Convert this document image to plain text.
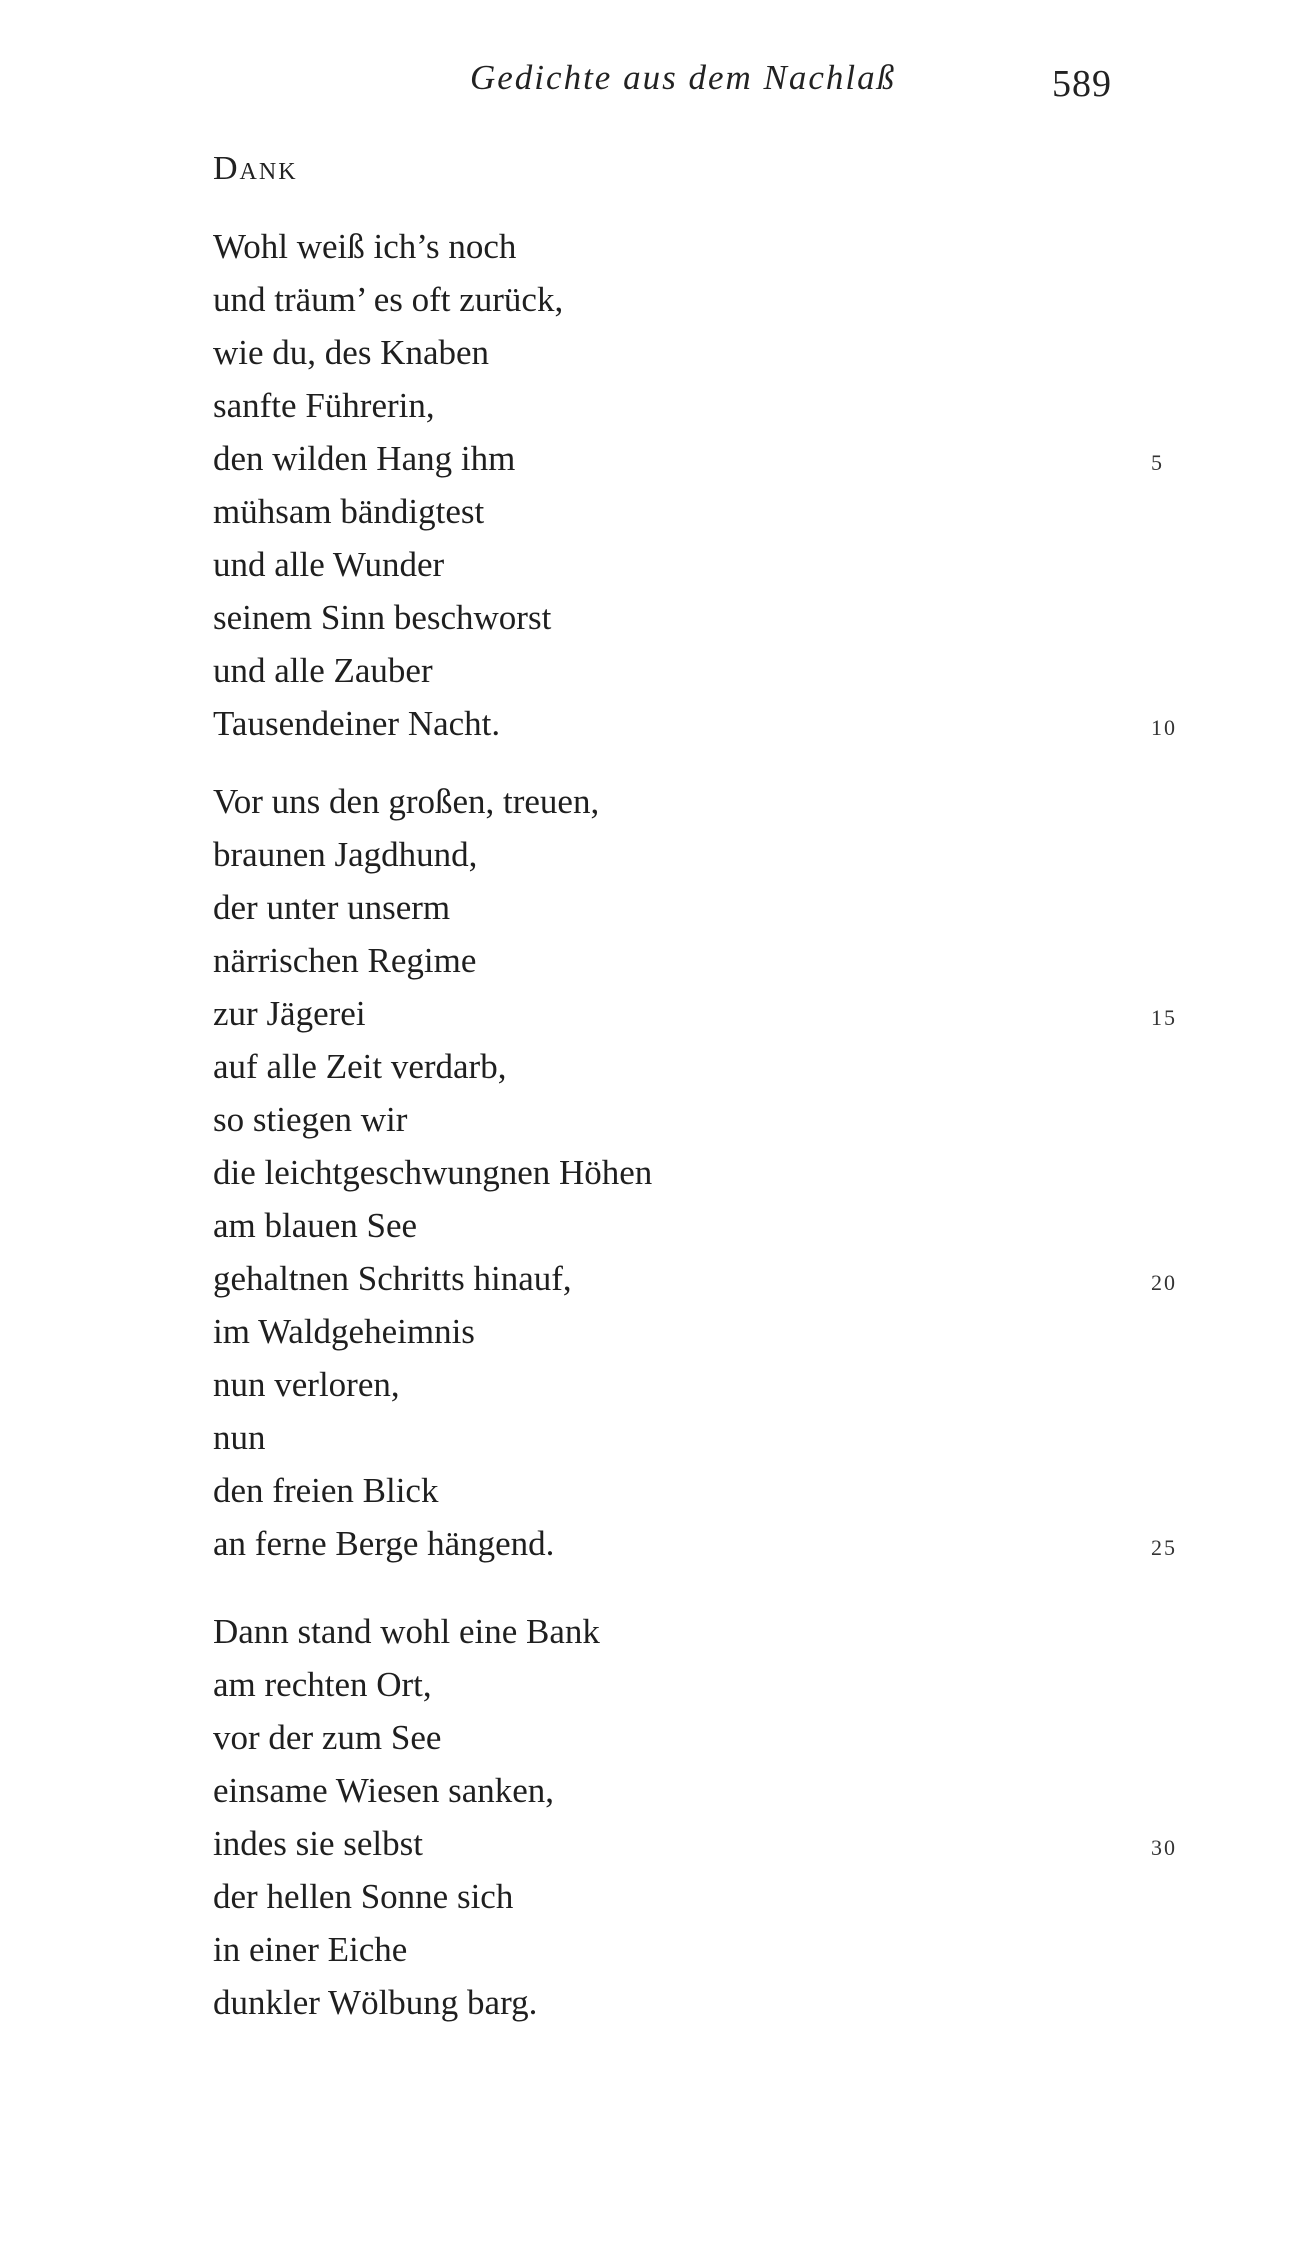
Gedichte aus dem Nachlaß	589
Dank
Wohl weiß ich’s noch
und träum’ es oft zurück,
wie du, des Knaben
sanfte Führerin,
den wilden Hang ihm	5
mühsam bändigtest
und alle Wunder
seinem Sinn beschworst
und alle Zauber
Tausendeiner Nacht.	10
Vor uns den großen, treuen,
braunen Jagdhund,
der unter unserm
närrischen Regime
zur Jägerei	15
auf alle Zeit verdarb,
so stiegen wir
die leichtgeschwungnen Höhen
am blauen See
gehaltnen Schritts hinauf,	20
im Waldgeheimnis
nun verloren,
nun
den freien Blick
an ferne Berge hängend.	25
Dann stand wohl eine Bank
am rechten Ort,
vor der zum See
einsame Wiesen sanken,
indes sie selbst	30
der hellen Sonne sich
in einer Eiche
dunkler Wölbung barg.
